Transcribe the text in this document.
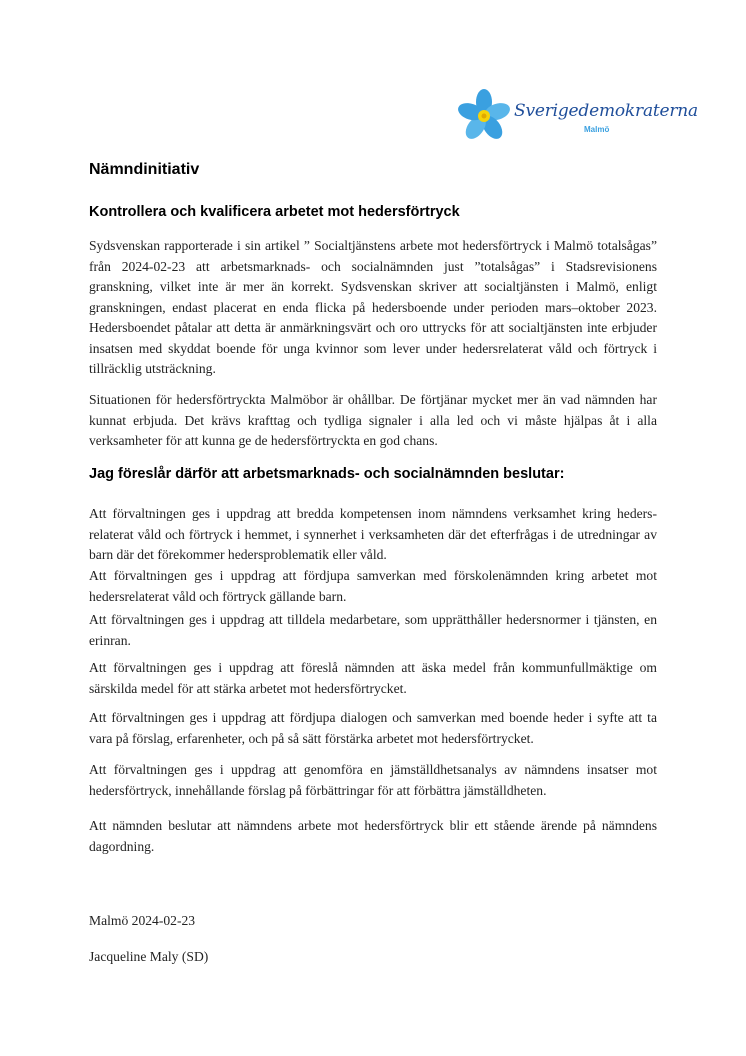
Sverigedemokraterna
Malmö
Nämndinitiativ
Kontrollera och kvalificera arbetet mot hedersförtryck

Sydsvenskan rapporterade i sin artikel ” Socialtjänstens arbete mot hedersförtryck i Malmö totalsågas” från 2024-02-23 att arbetsmarknads- och socialnämnden just ”totalsågas” i Stadsrevisionens granskning, vilket inte är mer än korrekt. Sydsvenskan skriver att socialtjänsten i Malmö, enligt granskningen, endast placerat en enda flicka på hedersboende under perioden mars–oktober 2023. Hedersboendet påtalar att detta är anmärkningsvärt och oro uttrycks för att socialtjänsten inte erbjuder insatsen med skyddat boende för unga kvinnor som lever under hedersrelaterat våld och förtryck i tillräcklig utsträckning.

Situationen för hedersförtryckta Malmöbor är ohållbar. De förtjänar mycket mer än vad nämnden har kunnat erbjuda. Det krävs krafttag och tydliga signaler i alla led och vi måste hjälpas åt i alla verksamheter för att kunna ge de hedersförtryckta en god chans.

Jag föreslår därför att arbetsmarknads- och socialnämnden beslutar:

Att förvaltningen ges i uppdrag att bredda kompetensen inom nämndens verksamhet kring heders-relaterat våld och förtryck i hemmet, i synnerhet i verksamheten där det efterfrågas i de utredningar av barn där det förekommer hedersproblematik eller våld.

Att förvaltningen ges i uppdrag att fördjupa samverkan med förskolenämnden kring arbetet mot hedersrelaterat våld och förtryck gällande barn.

Att förvaltningen ges i uppdrag att tilldela medarbetare, som upprätthåller hedersnormer i tjänsten, en erinran.

Att förvaltningen ges i uppdrag att föreslå nämnden att äska medel från kommunfullmäktige om särskilda medel för att stärka arbetet mot hedersförtrycket.

Att förvaltningen ges i uppdrag att fördjupa dialogen och samverkan med boende heder i syfte att ta vara på förslag, erfarenheter, och på så sätt förstärka arbetet mot hedersförtrycket.

Att förvaltningen ges i uppdrag att genomföra en jämställdhetsanalys av nämndens insatser mot hedersförtryck, innehållande förslag på förbättringar för att förbättra jämställdheten.

Att nämnden beslutar att nämndens arbete mot hedersförtryck blir ett stående ärende på nämndens dagordning.

Malmö 2024-02-23

Jacqueline Maly (SD)
